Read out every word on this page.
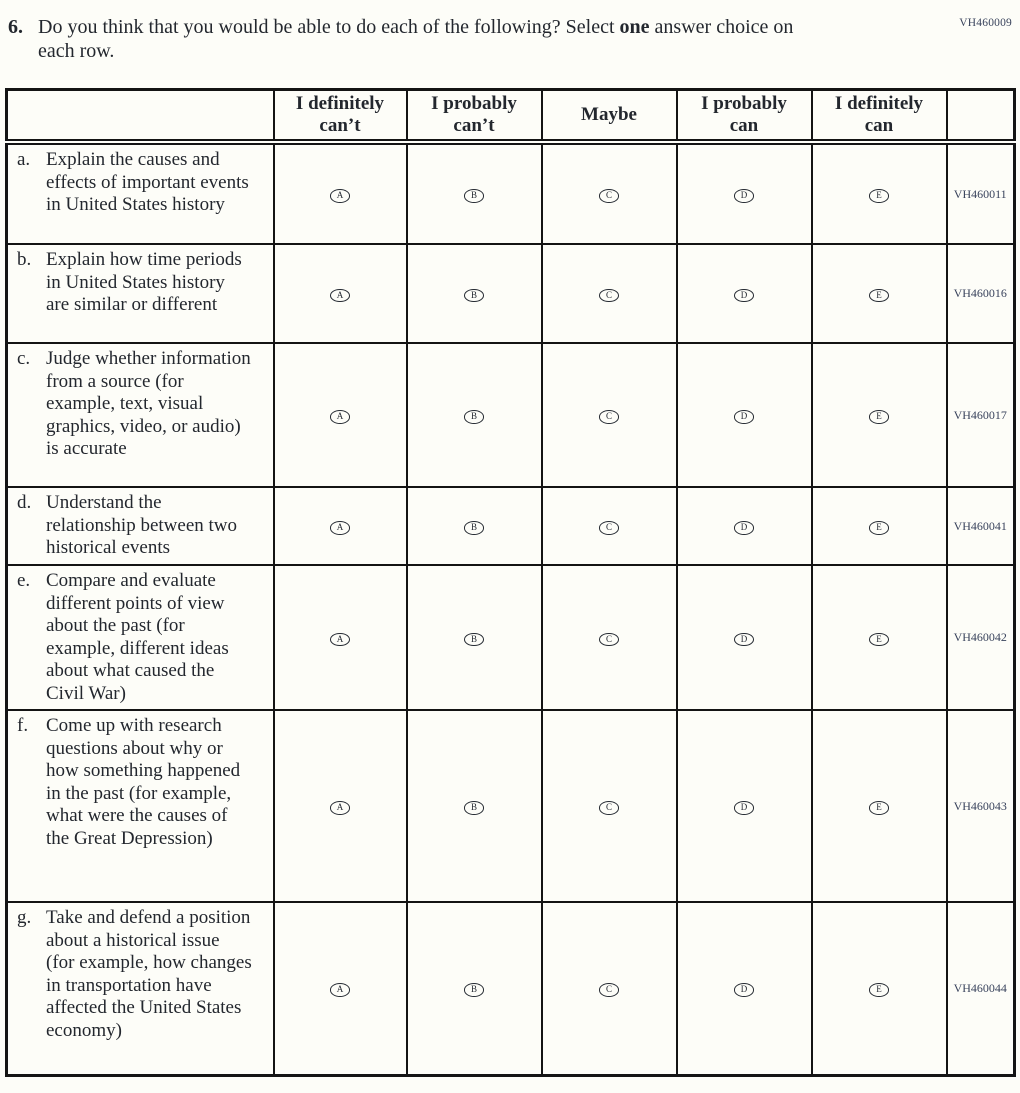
VH460009
6. Do you think that you would be able to do each of the following? Select one answer choice on each row.

	I definitely can’t	I probably can’t	Maybe	I probably can	I definitely can	

a. Explain the causes and effects of important events in United States history	A	B	C	D	E	VH460011

b. Explain how time periods in United States history are similar or different	A	B	C	D	E	VH460016

c. Judge whether information from a source (for example, text, visual graphics, video, or audio) is accurate	A	B	C	D	E	VH460017

d. Understand the relationship between two historical events	A	B	C	D	E	VH460041

e. Compare and evaluate different points of view about the past (for example, different ideas about what caused the Civil War)	A	B	C	D	E	VH460042

f. Come up with research questions about why or how something happened in the past (for example, what were the causes of the Great Depression)	A	B	C	D	E	VH460043

g. Take and defend a position about a historical issue (for example, how changes in transportation have affected the United States economy)	A	B	C	D	E	VH460044
